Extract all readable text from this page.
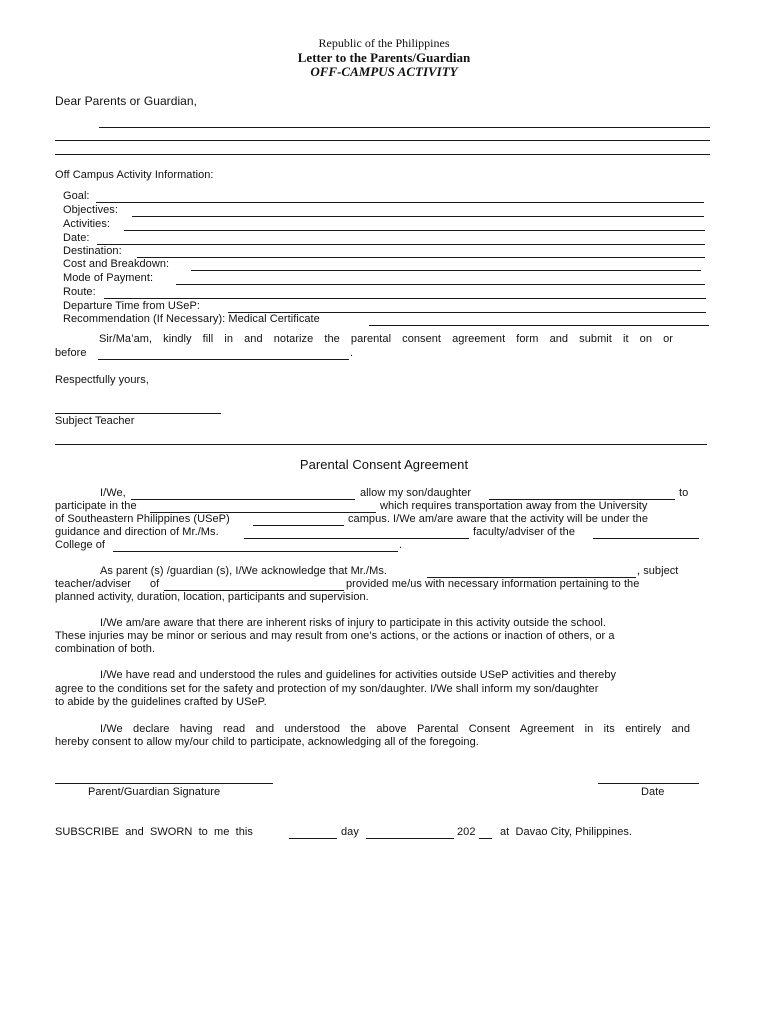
Republic of the Philippines
Letter to the Parents/Guardian
OFF-CAMPUS ACTIVITY
Dear Parents or Guardian,
Off Campus Activity Information:
Goal:
Objectives:
Activities:
Date:
Destination:
Cost and Breakdown:
Mode of Payment:
Route:
Departure Time from USeP:
Recommendation (If Necessary): Medical Certificate
Sir/Ma’am, kindly fill in and notarize the parental consent agreement form and submit it on or
before	.
Respectfully yours,
Subject Teacher
Parental Consent Agreement
I/We,	allow my son/daughter	to
participate in the	which requires transportation away from the University
of Southeastern Philippines (USeP)	campus. I/We am/are aware that the activity will be under the
guidance and direction of Mr./Ms.	faculty/adviser of the
College of	.
As parent (s) /guardian (s), I/We acknowledge that Mr./Ms.	, subject
teacher/adviser of	provided me/us with necessary information pertaining to the
planned activity, duration, location, participants and supervision.
I/We am/are aware that there are inherent risks of injury to participate in this activity outside the school.
These injuries may be minor or serious and may result from one’s actions, or the actions or inaction of others, or a
combination of both.
I/We have read and understood the rules and guidelines for activities outside USeP activities and thereby
agree to the conditions set for the safety and protection of my son/daughter. I/We shall inform my son/daughter
to abide by the guidelines crafted by USeP.
I/We declare having read and understood the above Parental Consent Agreement in its entirely and
hereby consent to allow my/our child to participate, acknowledging all of the foregoing.
Parent/Guardian Signature	Date
SUBSCRIBE  and  SWORN  to  me  this	day	202 at  Davao City, Philippines.
